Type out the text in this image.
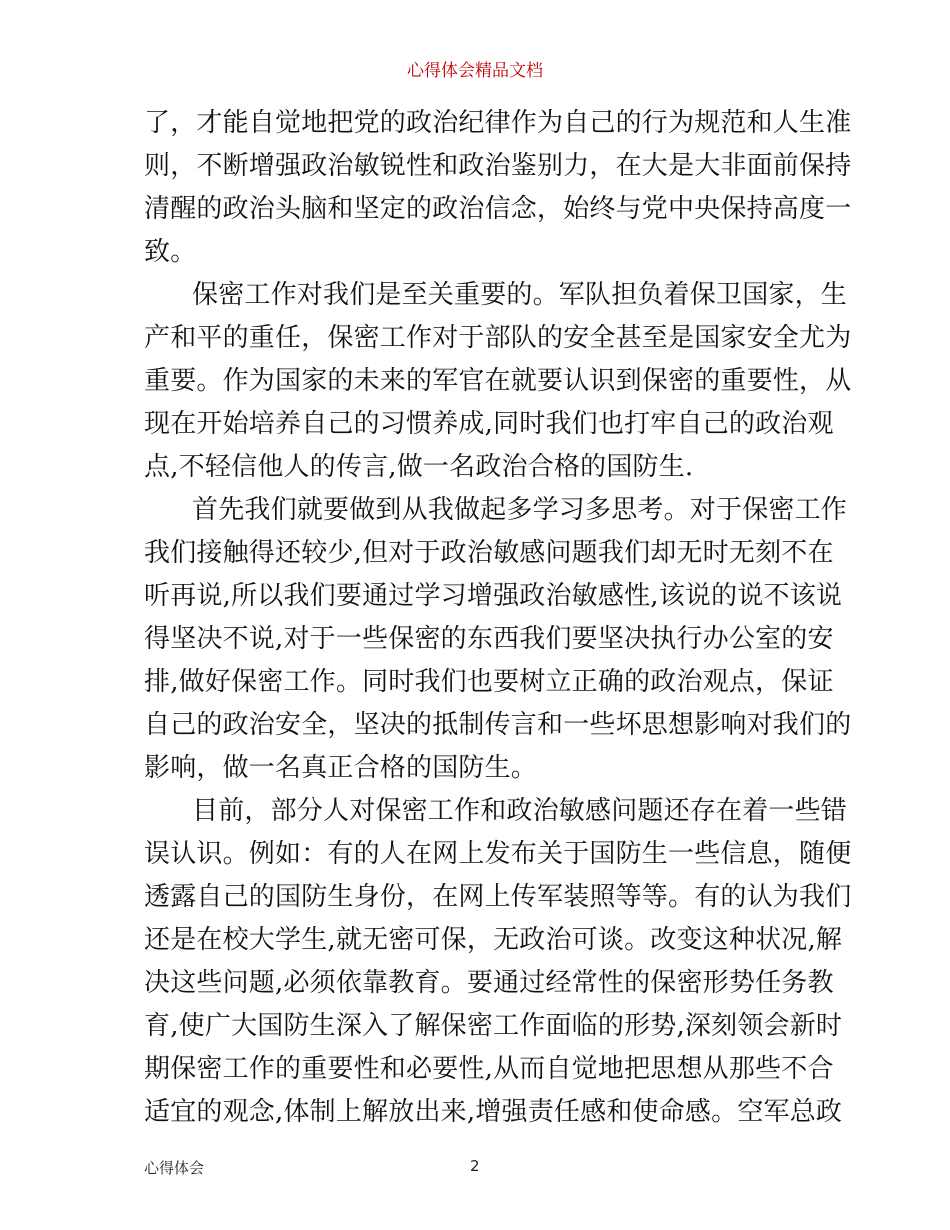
心得体会精品文档
了，才能自觉地把党的政治纪律作为自己的行为规范和人生准
则，不断增强政治敏锐性和政治鉴别力，在大是大非面前保持
清醒的政治头脑和坚定的政治信念，始终与党中央保持高度一
致。
保密工作对我们是至关重要的。军队担负着保卫国家，生
产和平的重任，保密工作对于部队的安全甚至是国家安全尤为
重要。作为国家的未来的军官在就要认识到保密的重要性，从
现在开始培养自己的习惯养成,同时我们也打牢自己的政治观
点,不轻信他人的传言,做一名政治合格的国防生.
首先我们就要做到从我做起多学习多思考。对于保密工作
我们接触得还较少,但对于政治敏感问题我们却无时无刻不在
听再说,所以我们要通过学习增强政治敏感性,该说的说不该说
得坚决不说,对于一些保密的东西我们要坚决执行办公室的安
排,做好保密工作。同时我们也要树立正确的政治观点，保证
自己的政治安全，坚决的抵制传言和一些坏思想影响对我们的
影响，做一名真正合格的国防生。
目前，部分人对保密工作和政治敏感问题还存在着一些错
误认识。例如：有的人在网上发布关于国防生一些信息，随便
透露自己的国防生身份，在网上传军装照等等。有的认为我们
还是在校大学生,就无密可保，无政治可谈。改变这种状况,解
决这些问题,必须依靠教育。要通过经常性的保密形势任务教
育,使广大国防生深入了解保密工作面临的形势,深刻领会新时
期保密工作的重要性和必要性,从而自觉地把思想从那些不合
适宜的观念,体制上解放出来,增强责任感和使命感。空军总政
心得体会	2
